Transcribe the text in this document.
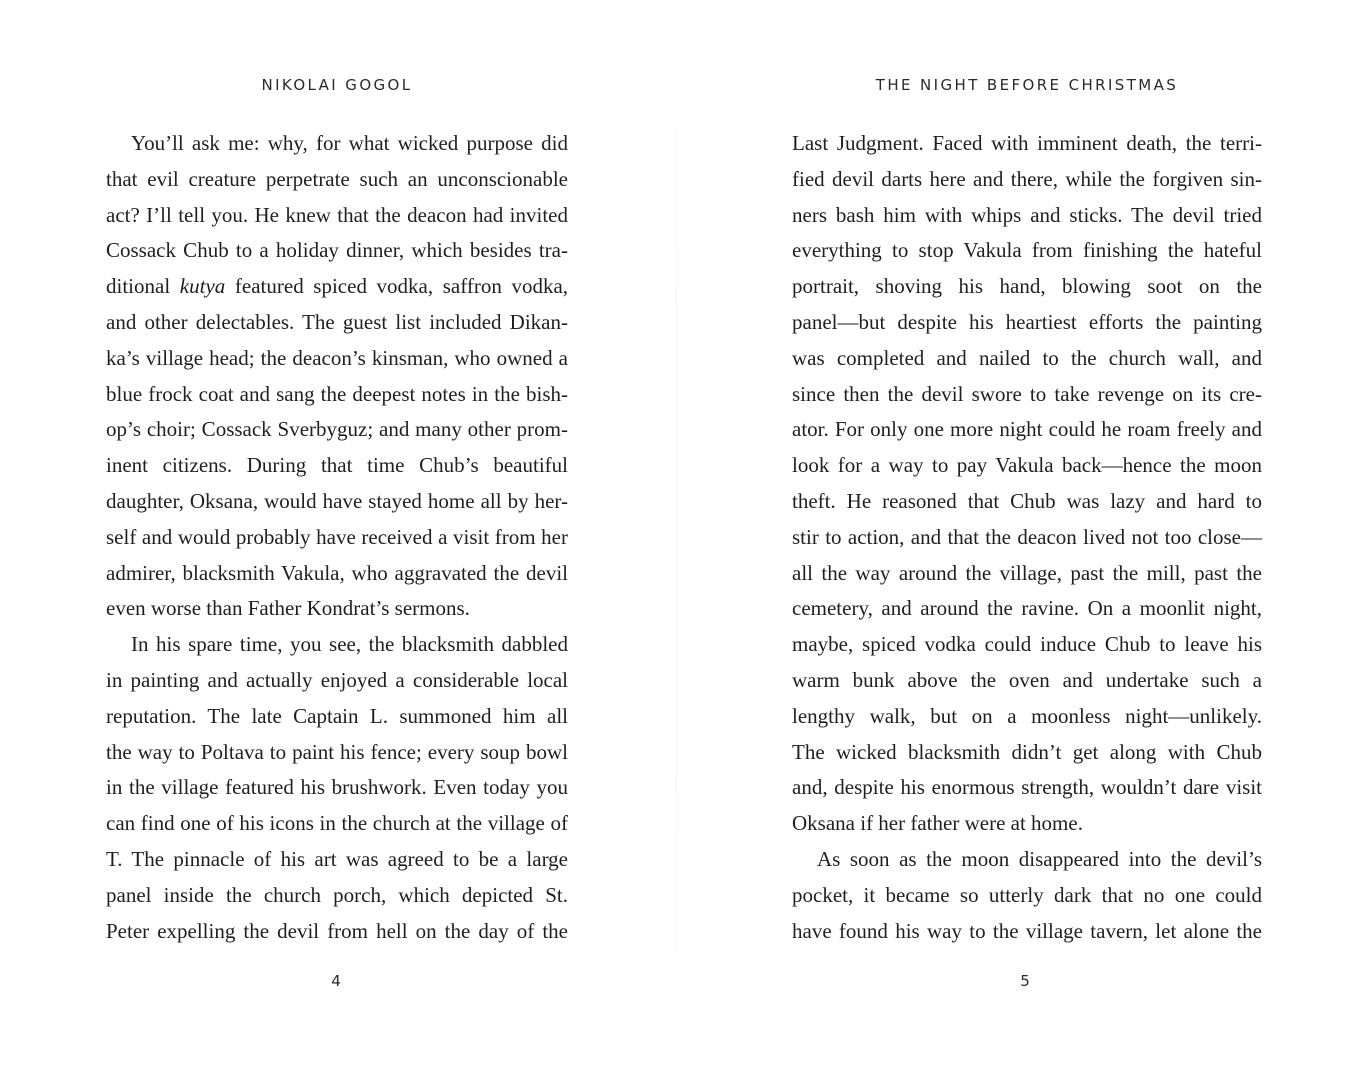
NIKOLAI GOGOL
You’ll ask me: why, for what wicked purpose did
that evil creature perpetrate such an unconscionable
act? I’ll tell you. He knew that the deacon had invited
Cossack Chub to a holiday dinner, which besides tra-
ditional kutya featured spiced vodka, saffron vodka,
and other delectables. The guest list included Dikan-
ka’s village head; the deacon’s kinsman, who owned a
blue frock coat and sang the deepest notes in the bish-
op’s choir; Cossack Sverbyguz; and many other prom-
inent citizens. During that time Chub’s beautiful
daughter, Oksana, would have stayed home all by her-
self and would probably have received a visit from her
admirer, blacksmith Vakula, who aggravated the devil
even worse than Father Kondrat’s sermons.
In his spare time, you see, the blacksmith dabbled
in painting and actually enjoyed a considerable local
reputation. The late Captain L. summoned him all
the way to Poltava to paint his fence; every soup bowl
in the village featured his brushwork. Even today you
can find one of his icons in the church at the village of
T. The pinnacle of his art was agreed to be a large
panel inside the church porch, which depicted St.
Peter expelling the devil from hell on the day of the
4
THE NIGHT BEFORE CHRISTMAS
Last Judgment. Faced with imminent death, the terri-
fied devil darts here and there, while the forgiven sin-
ners bash him with whips and sticks. The devil tried
everything to stop Vakula from finishing the hateful
portrait, shoving his hand, blowing soot on the
panel—but despite his heartiest efforts the painting
was completed and nailed to the church wall, and
since then the devil swore to take revenge on its cre-
ator. For only one more night could he roam freely and
look for a way to pay Vakula back—hence the moon
theft. He reasoned that Chub was lazy and hard to
stir to action, and that the deacon lived not too close—
all the way around the village, past the mill, past the
cemetery, and around the ravine. On a moonlit night,
maybe, spiced vodka could induce Chub to leave his
warm bunk above the oven and undertake such a
lengthy walk, but on a moonless night—unlikely.
The wicked blacksmith didn’t get along with Chub
and, despite his enormous strength, wouldn’t dare visit
Oksana if her father were at home.
As soon as the moon disappeared into the devil’s
pocket, it became so utterly dark that no one could
have found his way to the village tavern, let alone the
5
